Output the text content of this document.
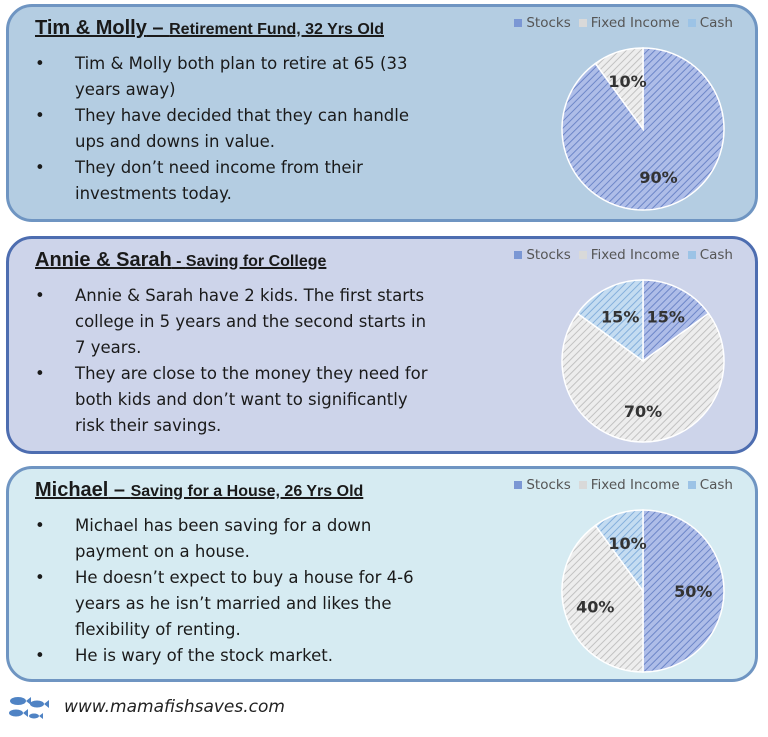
Tim & Molly – Retirement Fund, 32 Yrs Old
• Tim & Molly both plan to retire at 65 (33 years away)
• They have decided that they can handle ups and downs in value.
• They don’t need income from their investments today.
Stocks Fixed Income Cash
90%
10%
Annie & Sarah - Saving for College
• Annie & Sarah have 2 kids. The first starts college in 5 years and the second starts in 7 years.
• They are close to the money they need for both kids and don’t want to significantly risk their savings.
Stocks Fixed Income Cash
15%
70%
15%
Michael – Saving for a House, 26 Yrs Old
• Michael has been saving for a down payment on a house.
• He doesn’t expect to buy a house for 4-6 years as he isn’t married and likes the flexibility of renting.
• He is wary of the stock market.
Stocks Fixed Income Cash
50%
40%
10%
www.mamafishsaves.com
